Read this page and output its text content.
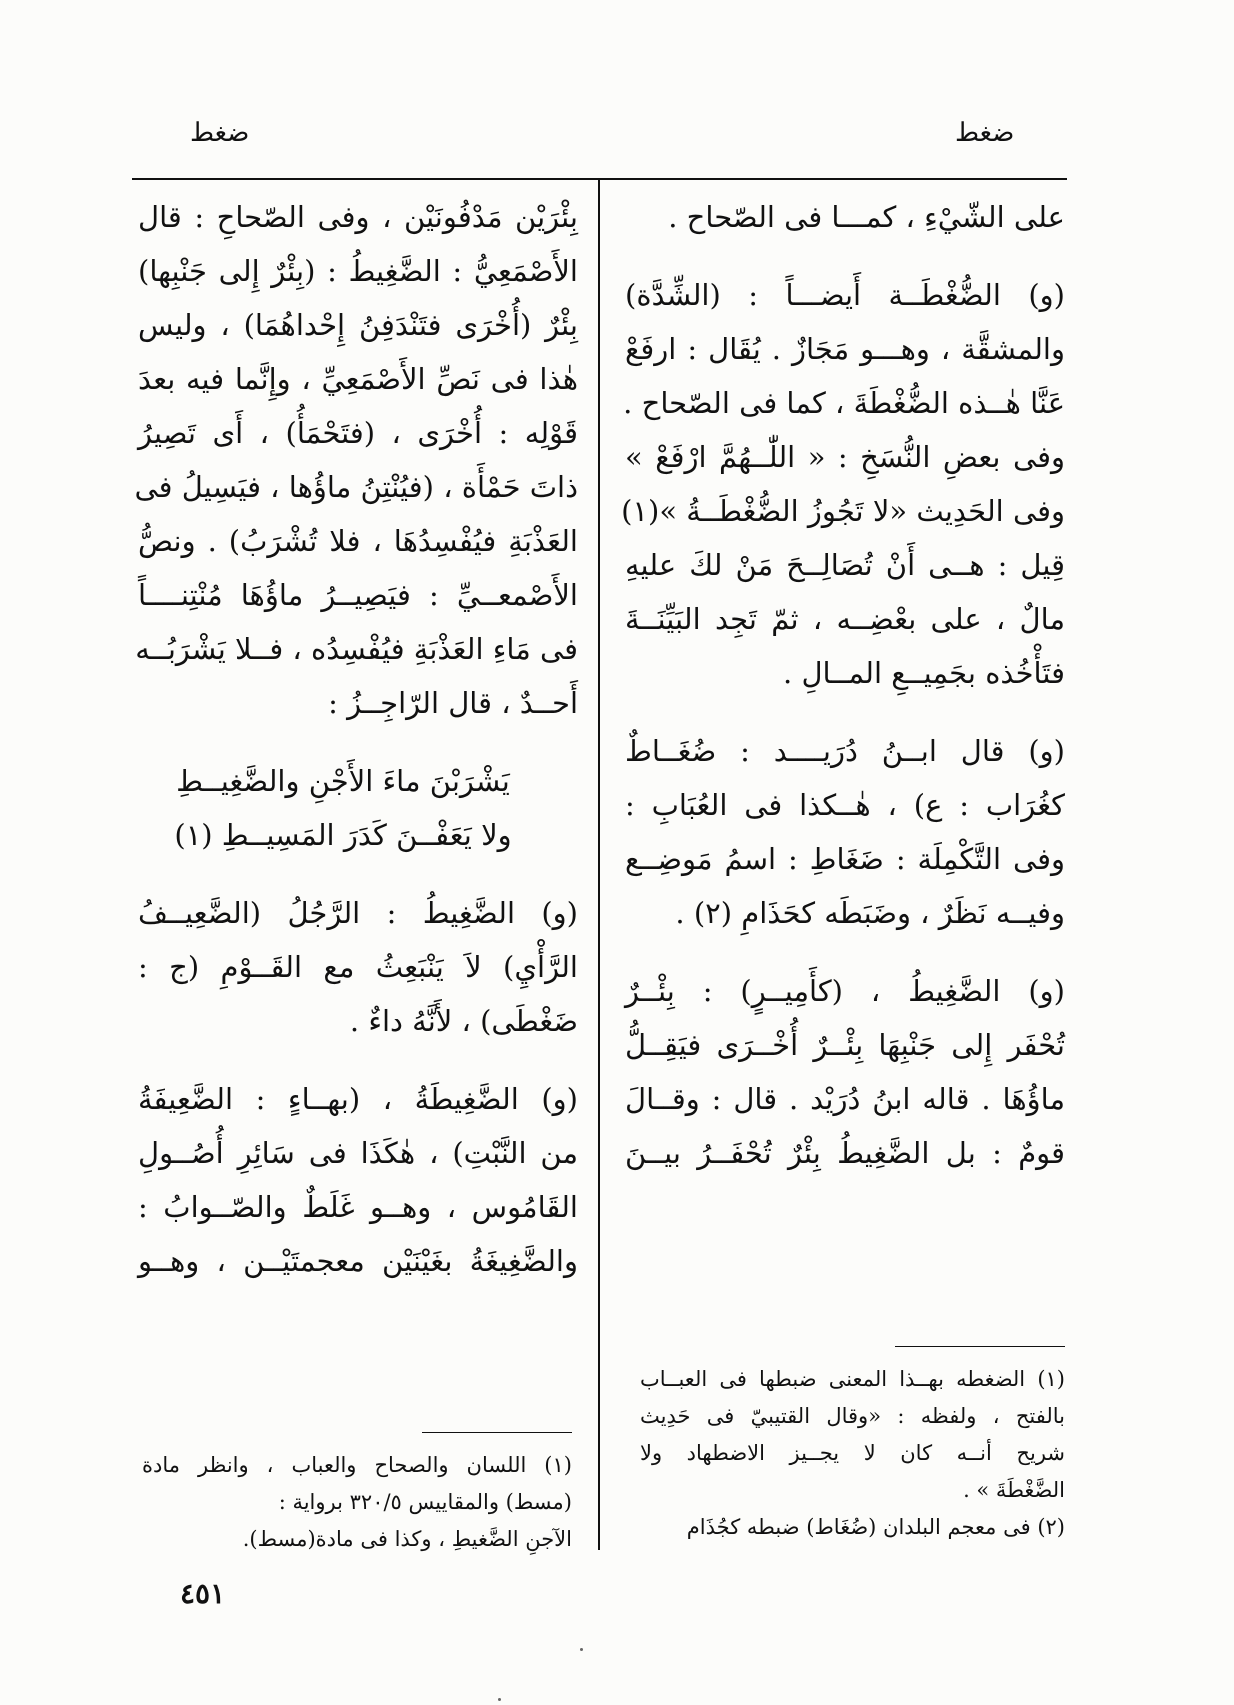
ضغط	ضغط
على الشّيْءِ ، كمـــا فى الصّحاح .
(و) الضُّغْطَــة أَيضـــاً : (الشِّدَّة)
والمشقَّة ، وهـــو مَجَازٌ . يُقَال : ارفَعْ
عَنَّا هٰــذه الضُّغْطَةَ ، كما فى الصّحاح .
وفى بعضِ النُّسَخِ : « اللّٰــهُمَّ ارْفَعْ »
وفى الحَدِيث «لا تَجُوزُ الضُّغْطَــةُ »(١)
قِيل : هــى أَنْ تُصَالِــحَ مَنْ لكَ عليهِ
مالٌ ، على بعْضِــه ، ثمّ تَجِد البَيِّنَــةَ
فتَأْخُذه بجَمِيــعِ المــالِ .
(و) قال ابــنُ دُرَيــــد : ضُغَــاطٌ
كغُرَاب : ع) ، هٰــكذا فى العُبَابِ :
وفى التَّكْمِلَة : ضَغَاطِ : اسمُ مَوضِــع
وفيــه نَظَرٌ ، وضَبَطَه كحَذَامِ (٢) .
(و) الضَّغِيطُ ، (كأَمِيــرٍ) : بِئْــرٌ
تُحْفَر إِلى جَنْبِهَا بِئْــرٌ أُخْــرَى فيَقِــلُّ
ماؤُهَا . قاله ابنُ دُرَيْد . قال : وقــالَ
قومٌ : بل الضَّغِيطُ بِئْرٌ تُحْفَــرُ بيــنَ
(١) الضغطه بهــذا المعنى ضبطها فى العبــاب
بالفتح ، ولفظه : «وقال القتيبيّ فى حَدِيث
شريح أنــه كان لا يجــيز الاضطهاد ولا
الضَّغْطَةَ » .
(٢) فى معجم البلدان (ضُغَاط) ضبطه كجُذَام
بِئْرَيْن مَدْفُونَيْن ، وفى الصّحاحِ : قال
الأَصْمَعِيُّ : الضَّغِيطُ : (بِئْرٌ إِلى جَنْبِها)
بِئْرٌ (أُخْرَى فتَنْدَفِنُ إِحْداهُمَا) ، وليس
هٰذا فى نَصِّ الأَصْمَعِيِّ ، وإِنَّما فيه بعدَ
قَوْلِه : أُخْرَى ، (فتَحْمَأُ) ، أَى تَصِيرُ
ذاتَ حَمْأَة ، (فيُنْتِنُ ماؤُها ، فيَسِيلُ فى
العَذْبَةِ فيُفْسِدُهَا ، فلا تُشْرَبُ) . ونصُّ
الأَصْمعــيِّ : فيَصِيــرُ ماؤُهَا مُنْتِنــــاً
فى مَاءِ العَذْبَةِ فيُفْسِدُه ، فــلا يَشْرَبُــه
أَحــدٌ ، قال الرّاجِــزُ :
يَشْرَبْنَ ماءَ الأَجْنِ والضَّغِيــطِ
ولا يَعَفْــنَ كَدَرَ المَسِيــطِ (١)
(و) الضَّغِيطُ : الرَّجُلُ (الضَّعِيــفُ
الرَّأْيِ) لاَ يَنْبَعِثُ مع القَــوْمِ (ج :
ضَغْطَى) ، لأَنَّهُ داءٌ .
(و) الضَّغِيطَةُ ، (بهــاءٍ : الضَّعِيفَةُ
من النَّبْتِ) ، هٰكَذَا فى سَائِرِ أُصُــولِ
القَامُوس ، وهــو غَلَطٌ والصّــوابُ :
والضَّغِيغَةُ بغَيْنَيْن معجمتَيْــن ، وهــو
(١) اللسان والصحاح والعباب ، وانظر مادة
(مسط) والمقاييس ٣٢٠/٥ برواية :
الآجنِ الضَّغيطِ ، وكذا فى مادة(مسط).
٤٥١
